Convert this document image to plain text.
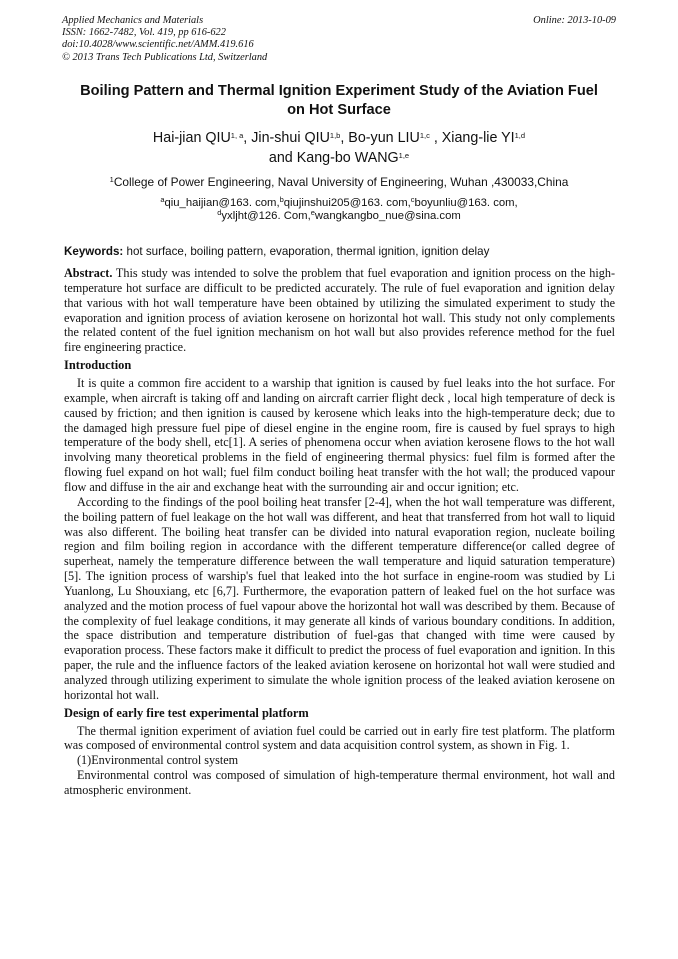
Applied Mechanics and Materials
ISSN: 1662-7482, Vol. 419, pp 616-622
doi:10.4028/www.scientific.net/AMM.419.616
© 2013 Trans Tech Publications Ltd, Switzerland
Online: 2013-10-09
Boiling Pattern and Thermal Ignition Experiment Study of the Aviation Fuel on Hot Surface
Hai-jian QIU$^{1, a}$, Jin-shui QIU$^{1,b}$, Bo-yun LIU$^{1,c}$ , Xiang-lie YI$^{1,d}$
and Kang-bo WANG$^{1,e}$
$^1$College of Power Engineering, Naval University of Engineering, Wuhan ,430033,China
$^a$qiu_haijian@163. com,$^b$qiujinshui205@163. com,$^c$boyunliu@163. com,
$^d$yxljht@126. Com,$^e$wangkangbo_nue@sina.com
Keywords: hot surface, boiling pattern, evaporation, thermal ignition, ignition delay

Abstract. This study was intended to solve the problem that fuel evaporation and ignition process on the high-temperature hot surface are difficult to be predicted accurately. The rule of fuel evaporation and ignition delay that various with hot wall temperature have been obtained by utilizing the simulated experiment to study the evaporation and ignition process of aviation kerosene on horizontal hot wall. This study not only complements the related content of the fuel ignition mechanism on hot wall but also provides reference method for the fuel fire engineering practice.

Introduction

It is quite a common fire accident to a warship that ignition is caused by fuel leaks into the hot surface. For example, when aircraft is taking off and landing on aircraft carrier flight deck , local high temperature of deck is caused by friction; and then ignition is caused by kerosene which leaks into the high-temperature deck; due to the damaged high pressure fuel pipe of diesel engine in the engine room, fire is caused by fuel sprays to high temperature of the body shell, etc[1]. A series of phenomena occur when aviation kerosene flows to the hot wall involving many theoretical problems in the field of engineering thermal physics: fuel film is formed after the flowing fuel expand on hot wall; fuel film conduct boiling heat transfer with the hot wall; the produced vapour flow and diffuse in the air and exchange heat with the surrounding air and occur ignition; etc.

According to the findings of the pool boiling heat transfer [2-4], when the hot wall temperature was different, the boiling pattern of fuel leakage on the hot wall was different, and heat that transferred from hot wall to liquid was also different. The boiling heat transfer can be divided into natural evaporation region, nucleate boiling region and film boiling region in accordance with the different temperature difference(or called degree of superheat, namely the temperature difference between the wall temperature and liquid saturation temperature)[5]. The ignition process of warship's fuel that leaked into the hot surface in engine-room was studied by Li Yuanlong, Lu Shouxiang, etc [6,7]. Furthermore, the evaporation pattern of leaked fuel on the hot surface was analyzed and the motion process of fuel vapour above the horizontal hot wall was described by them. Because of the complexity of fuel leakage conditions, it may generate all kinds of various boundary conditions. In addition, the space distribution and temperature distribution of fuel-gas that changed with time were caused by evaporation process. These factors make it difficult to predict the process of fuel evaporation and ignition. In this paper, the rule and the influence factors of the leaked aviation kerosene on horizontal hot wall were studied and analyzed through utilizing experiment to simulate the whole ignition process of the leaked aviation kerosene on horizontal hot wall.

Design of early fire test experimental platform

The thermal ignition experiment of aviation fuel could be carried out in early fire test platform. The platform was composed of environmental control system and data acquisition control system, as shown in Fig. 1.

(1)Environmental control system

Environmental control was composed of simulation of high-temperature thermal environment, hot wall and atmospheric environment.
